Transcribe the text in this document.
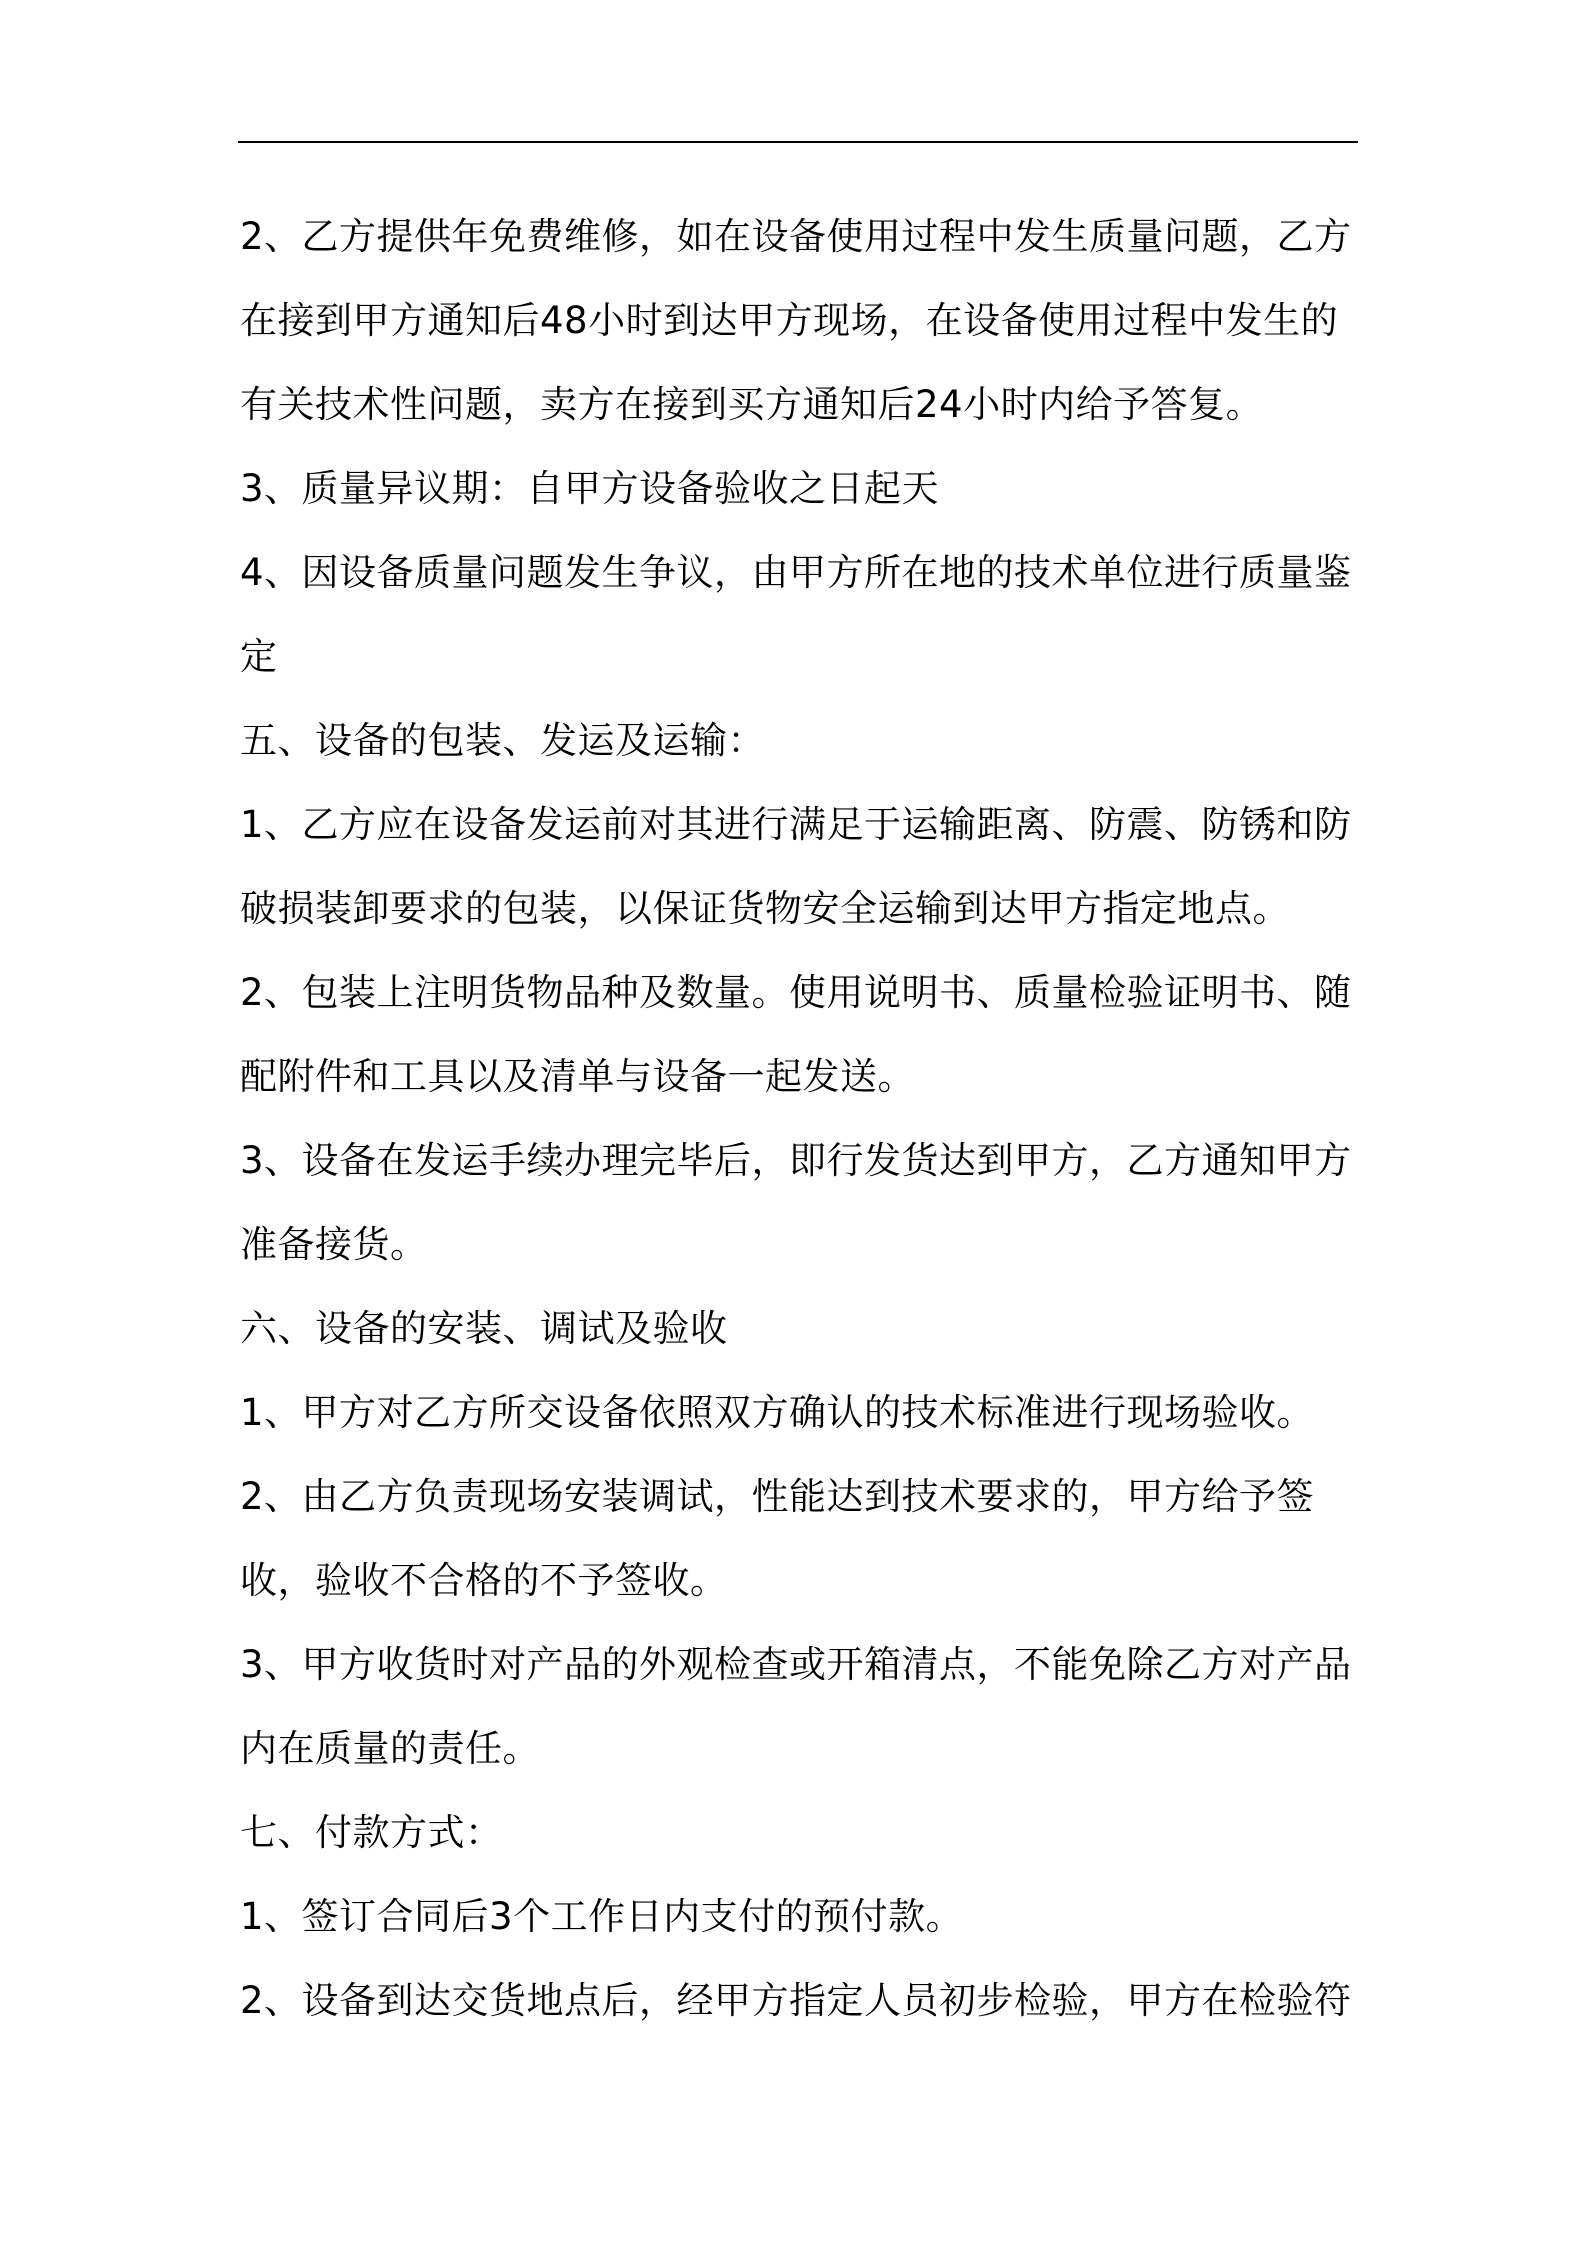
2、乙方提供年免费维修，如在设备使用过程中发生质量问题，乙方在接到甲方通知后48小时到达甲方现场，在设备使用过程中发生的有关技术性问题，卖方在接到买方通知后24小时内给予答复。

3、质量异议期：自甲方设备验收之日起天

4、因设备质量问题发生争议，由甲方所在地的技术单位进行质量鉴定

五、设备的包装、发运及运输：

1、乙方应在设备发运前对其进行满足于运输距离、防震、防锈和防破损装卸要求的包装，以保证货物安全运输到达甲方指定地点。

2、包装上注明货物品种及数量。使用说明书、质量检验证明书、随配附件和工具以及清单与设备一起发送。

3、设备在发运手续办理完毕后，即行发货达到甲方，乙方通知甲方准备接货。

六、设备的安装、调试及验收

1、甲方对乙方所交设备依照双方确认的技术标准进行现场验收。

2、由乙方负责现场安装调试，性能达到技术要求的，甲方给予签收，验收不合格的不予签收。

3、甲方收货时对产品的外观检查或开箱清点，不能免除乙方对产品内在质量的责任。

七、付款方式：

1、签订合同后3个工作日内支付的预付款。

2、设备到达交货地点后，经甲方指定人员初步检验，甲方在检验符
